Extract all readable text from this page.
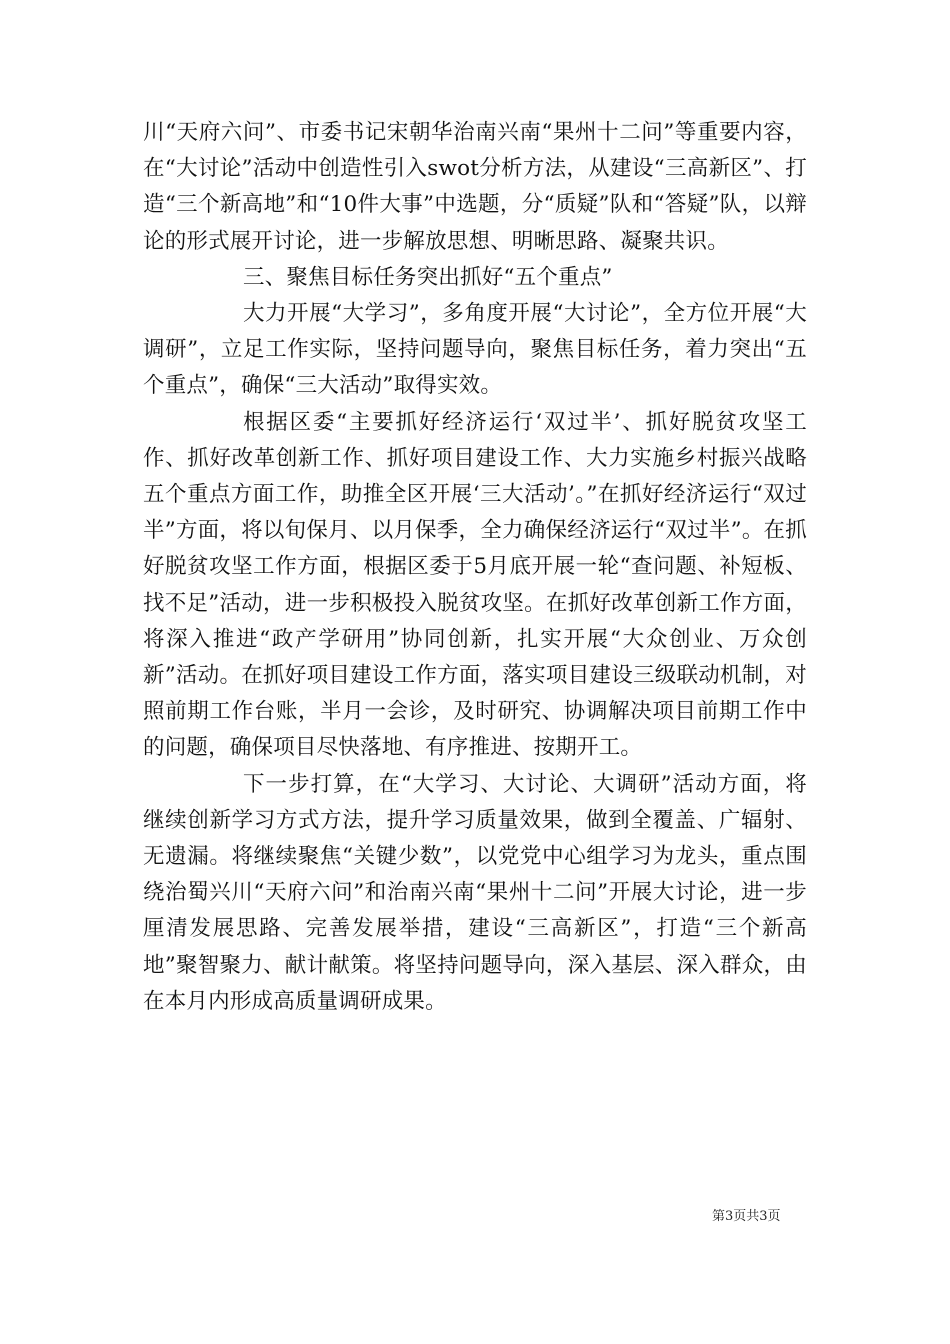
川“天府六问”、市委书记宋朝华治南兴南“果州十二问”等重要内容，在“大讨论”活动中创造性引入swot分析方法，从建设“三高新区”、打造“三个新高地”和“10件大事”中选题，分“质疑”队和“答疑”队，以辩论的形式展开讨论，进一步解放思想、明晰思路、凝聚共识。

三、聚焦目标任务突出抓好“五个重点”

大力开展“大学习”，多角度开展“大讨论”，全方位开展“大调研”，立足工作实际，坚持问题导向，聚焦目标任务，着力突出“五个重点”，确保“三大活动”取得实效。

根据区委“主要抓好经济运行‘双过半’、抓好脱贫攻坚工作、抓好改革创新工作、抓好项目建设工作、大力实施乡村振兴战略五个重点方面工作，助推全区开展‘三大活动’。”在抓好经济运行“双过半”方面，将以旬保月、以月保季，全力确保经济运行“双过半”。在抓好脱贫攻坚工作方面，根据区委于5月底开展一轮“查问题、补短板、找不足”活动，进一步积极投入脱贫攻坚。在抓好改革创新工作方面，将深入推进“政产学研用”协同创新，扎实开展“大众创业、万众创新”活动。在抓好项目建设工作方面，落实项目建设三级联动机制，对照前期工作台账，半月一会诊，及时研究、协调解决项目前期工作中的问题，确保项目尽快落地、有序推进、按期开工。

下一步打算，在“大学习、大讨论、大调研”活动方面，将继续创新学习方式方法，提升学习质量效果，做到全覆盖、广辐射、无遗漏。将继续聚焦“关键少数”，以党党中心组学习为龙头，重点围绕治蜀兴川“天府六问”和治南兴南“果州十二问”开展大讨论，进一步厘清发展思路、完善发展举措，建设“三高新区”，打造“三个新高地”聚智聚力、献计献策。将坚持问题导向，深入基层、深入群众，由在本月内形成高质量调研成果。

第3页共3页
